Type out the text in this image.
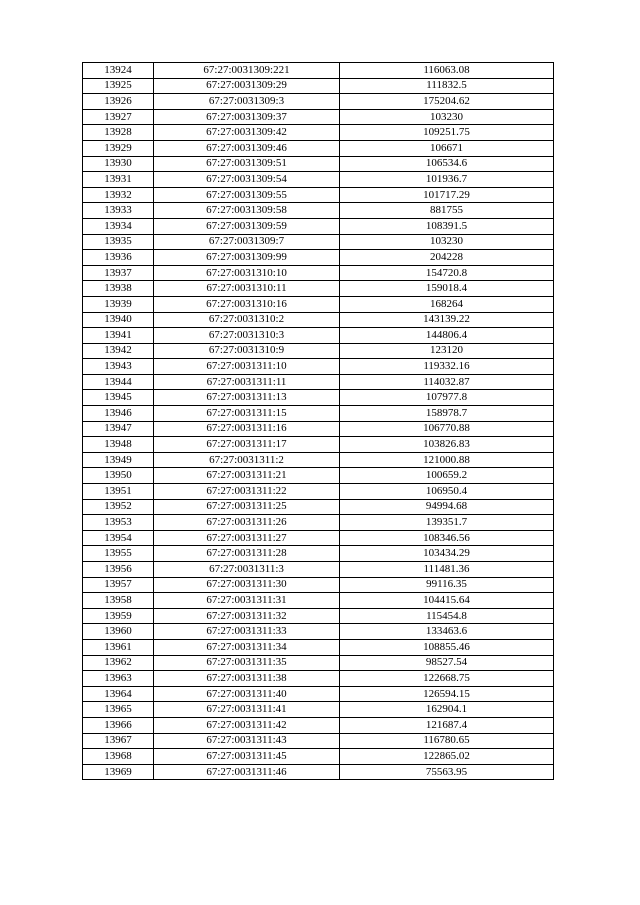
13924	67:27:0031309:221	116063.08
13925	67:27:0031309:29	111832.5
13926	67:27:0031309:3	175204.62
13927	67:27:0031309:37	103230
13928	67:27:0031309:42	109251.75
13929	67:27:0031309:46	106671
13930	67:27:0031309:51	106534.6
13931	67:27:0031309:54	101936.7
13932	67:27:0031309:55	101717.29
13933	67:27:0031309:58	881755
13934	67:27:0031309:59	108391.5
13935	67:27:0031309:7	103230
13936	67:27:0031309:99	204228
13937	67:27:0031310:10	154720.8
13938	67:27:0031310:11	159018.4
13939	67:27:0031310:16	168264
13940	67:27:0031310:2	143139.22
13941	67:27:0031310:3	144806.4
13942	67:27:0031310:9	123120
13943	67:27:0031311:10	119332.16
13944	67:27:0031311:11	114032.87
13945	67:27:0031311:13	107977.8
13946	67:27:0031311:15	158978.7
13947	67:27:0031311:16	106770.88
13948	67:27:0031311:17	103826.83
13949	67:27:0031311:2	121000.88
13950	67:27:0031311:21	100659.2
13951	67:27:0031311:22	106950.4
13952	67:27:0031311:25	94994.68
13953	67:27:0031311:26	139351.7
13954	67:27:0031311:27	108346.56
13955	67:27:0031311:28	103434.29
13956	67:27:0031311:3	111481.36
13957	67:27:0031311:30	99116.35
13958	67:27:0031311:31	104415.64
13959	67:27:0031311:32	115454.8
13960	67:27:0031311:33	133463.6
13961	67:27:0031311:34	108855.46
13962	67:27:0031311:35	98527.54
13963	67:27:0031311:38	122668.75
13964	67:27:0031311:40	126594.15
13965	67:27:0031311:41	162904.1
13966	67:27:0031311:42	121687.4
13967	67:27:0031311:43	116780.65
13968	67:27:0031311:45	122865.02
13969	67:27:0031311:46	75563.95
